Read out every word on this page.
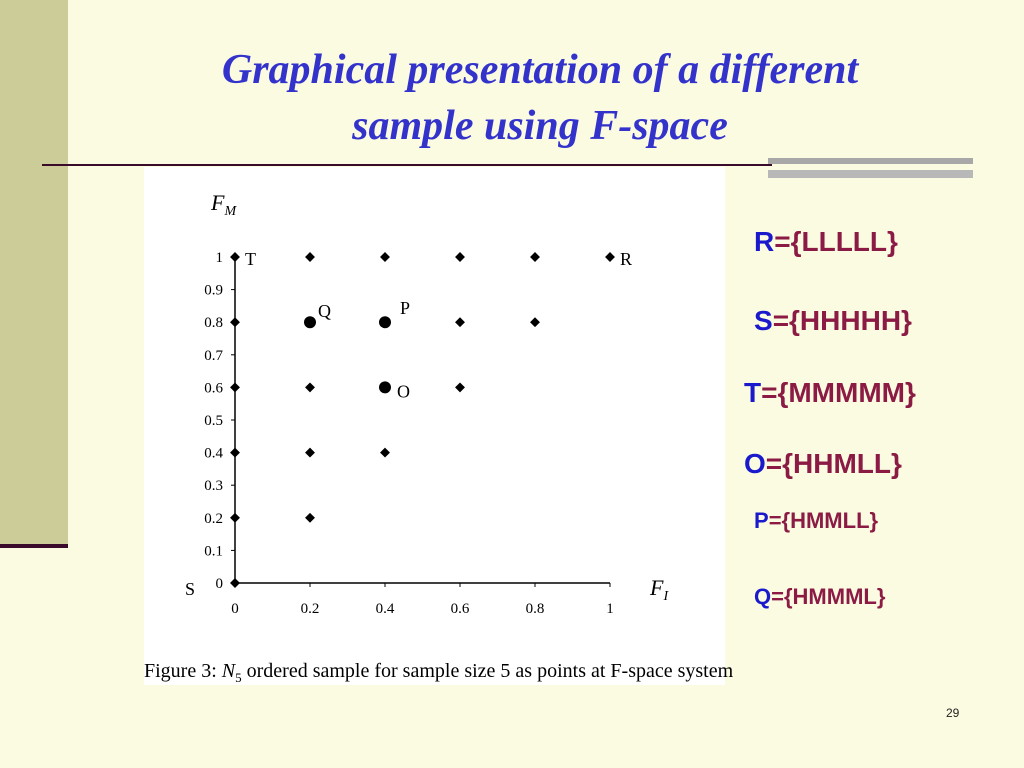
Graphical presentation of a different
sample using F-space
0	0.2	0.4	0.6	0.8	1
0
0.1
0.2
0.3
0.4
0.5
0.6
0.7
0.8
0.9
1
$F_I$
$F_M$
T	R
Q	P
O
S
Figure 3: $N_5$ ordered sample for sample size 5 as points at F-space system
R={LLLLL}
S={HHHHH}
T={MMMMM}
O={HHMLL}
P={HMMLL}
Q={HMMML}
29
